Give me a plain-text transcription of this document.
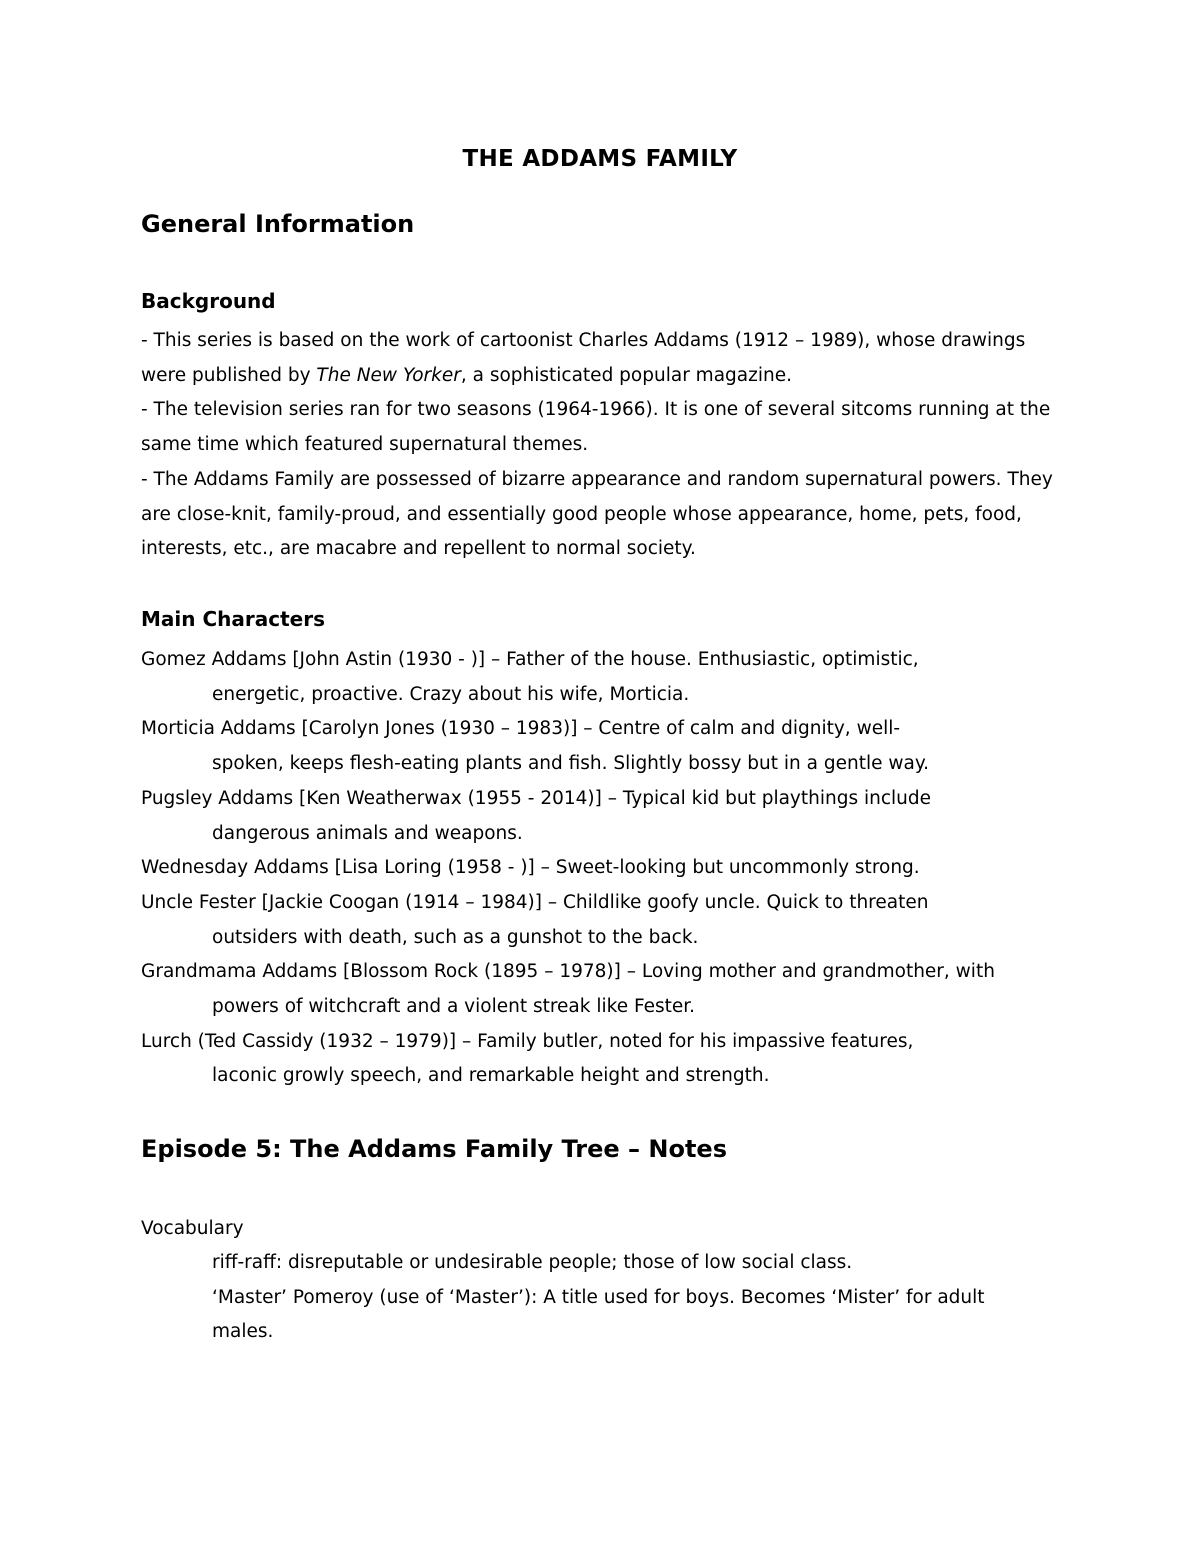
THE ADDAMS FAMILY
General Information
Background

- This series is based on the work of cartoonist Charles Addams (1912 – 1989), whose drawings were published by The New Yorker, a sophisticated popular magazine.

- The television series ran for two seasons (1964-1966). It is one of several sitcoms running at the same time which featured supernatural themes.

- The Addams Family are possessed of bizarre appearance and random supernatural powers. They are close-knit, family-proud, and essentially good people whose appearance, home, pets, food, interests, etc., are macabre and repellent to normal society.

Main Characters
Gomez Addams [John Astin (1930 - )] – Father of the house. Enthusiastic, optimistic,
energetic, proactive. Crazy about his wife, Morticia.
Morticia Addams [Carolyn Jones (1930 – 1983)] – Centre of calm and dignity, well-
spoken, keeps flesh-eating plants and fish. Slightly bossy but in a gentle way.
Pugsley Addams [Ken Weatherwax (1955 - 2014)] – Typical kid but playthings include
dangerous animals and weapons.
Wednesday Addams [Lisa Loring (1958 - )] – Sweet-looking but uncommonly strong.
Uncle Fester [Jackie Coogan (1914 – 1984)] – Childlike goofy uncle. Quick to threaten
outsiders with death, such as a gunshot to the back.
Grandmama Addams [Blossom Rock (1895 – 1978)] – Loving mother and grandmother, with
powers of witchcraft and a violent streak like Fester.
Lurch (Ted Cassidy (1932 – 1979)] – Family butler, noted for his impassive features,
laconic growly speech, and remarkable height and strength.
Episode 5: The Addams Family Tree – Notes
Vocabulary
riff-raff: disreputable or undesirable people; those of low social class.
‘Master’ Pomeroy (use of ‘Master’): A title used for boys. Becomes ‘Mister’ for adult males.
